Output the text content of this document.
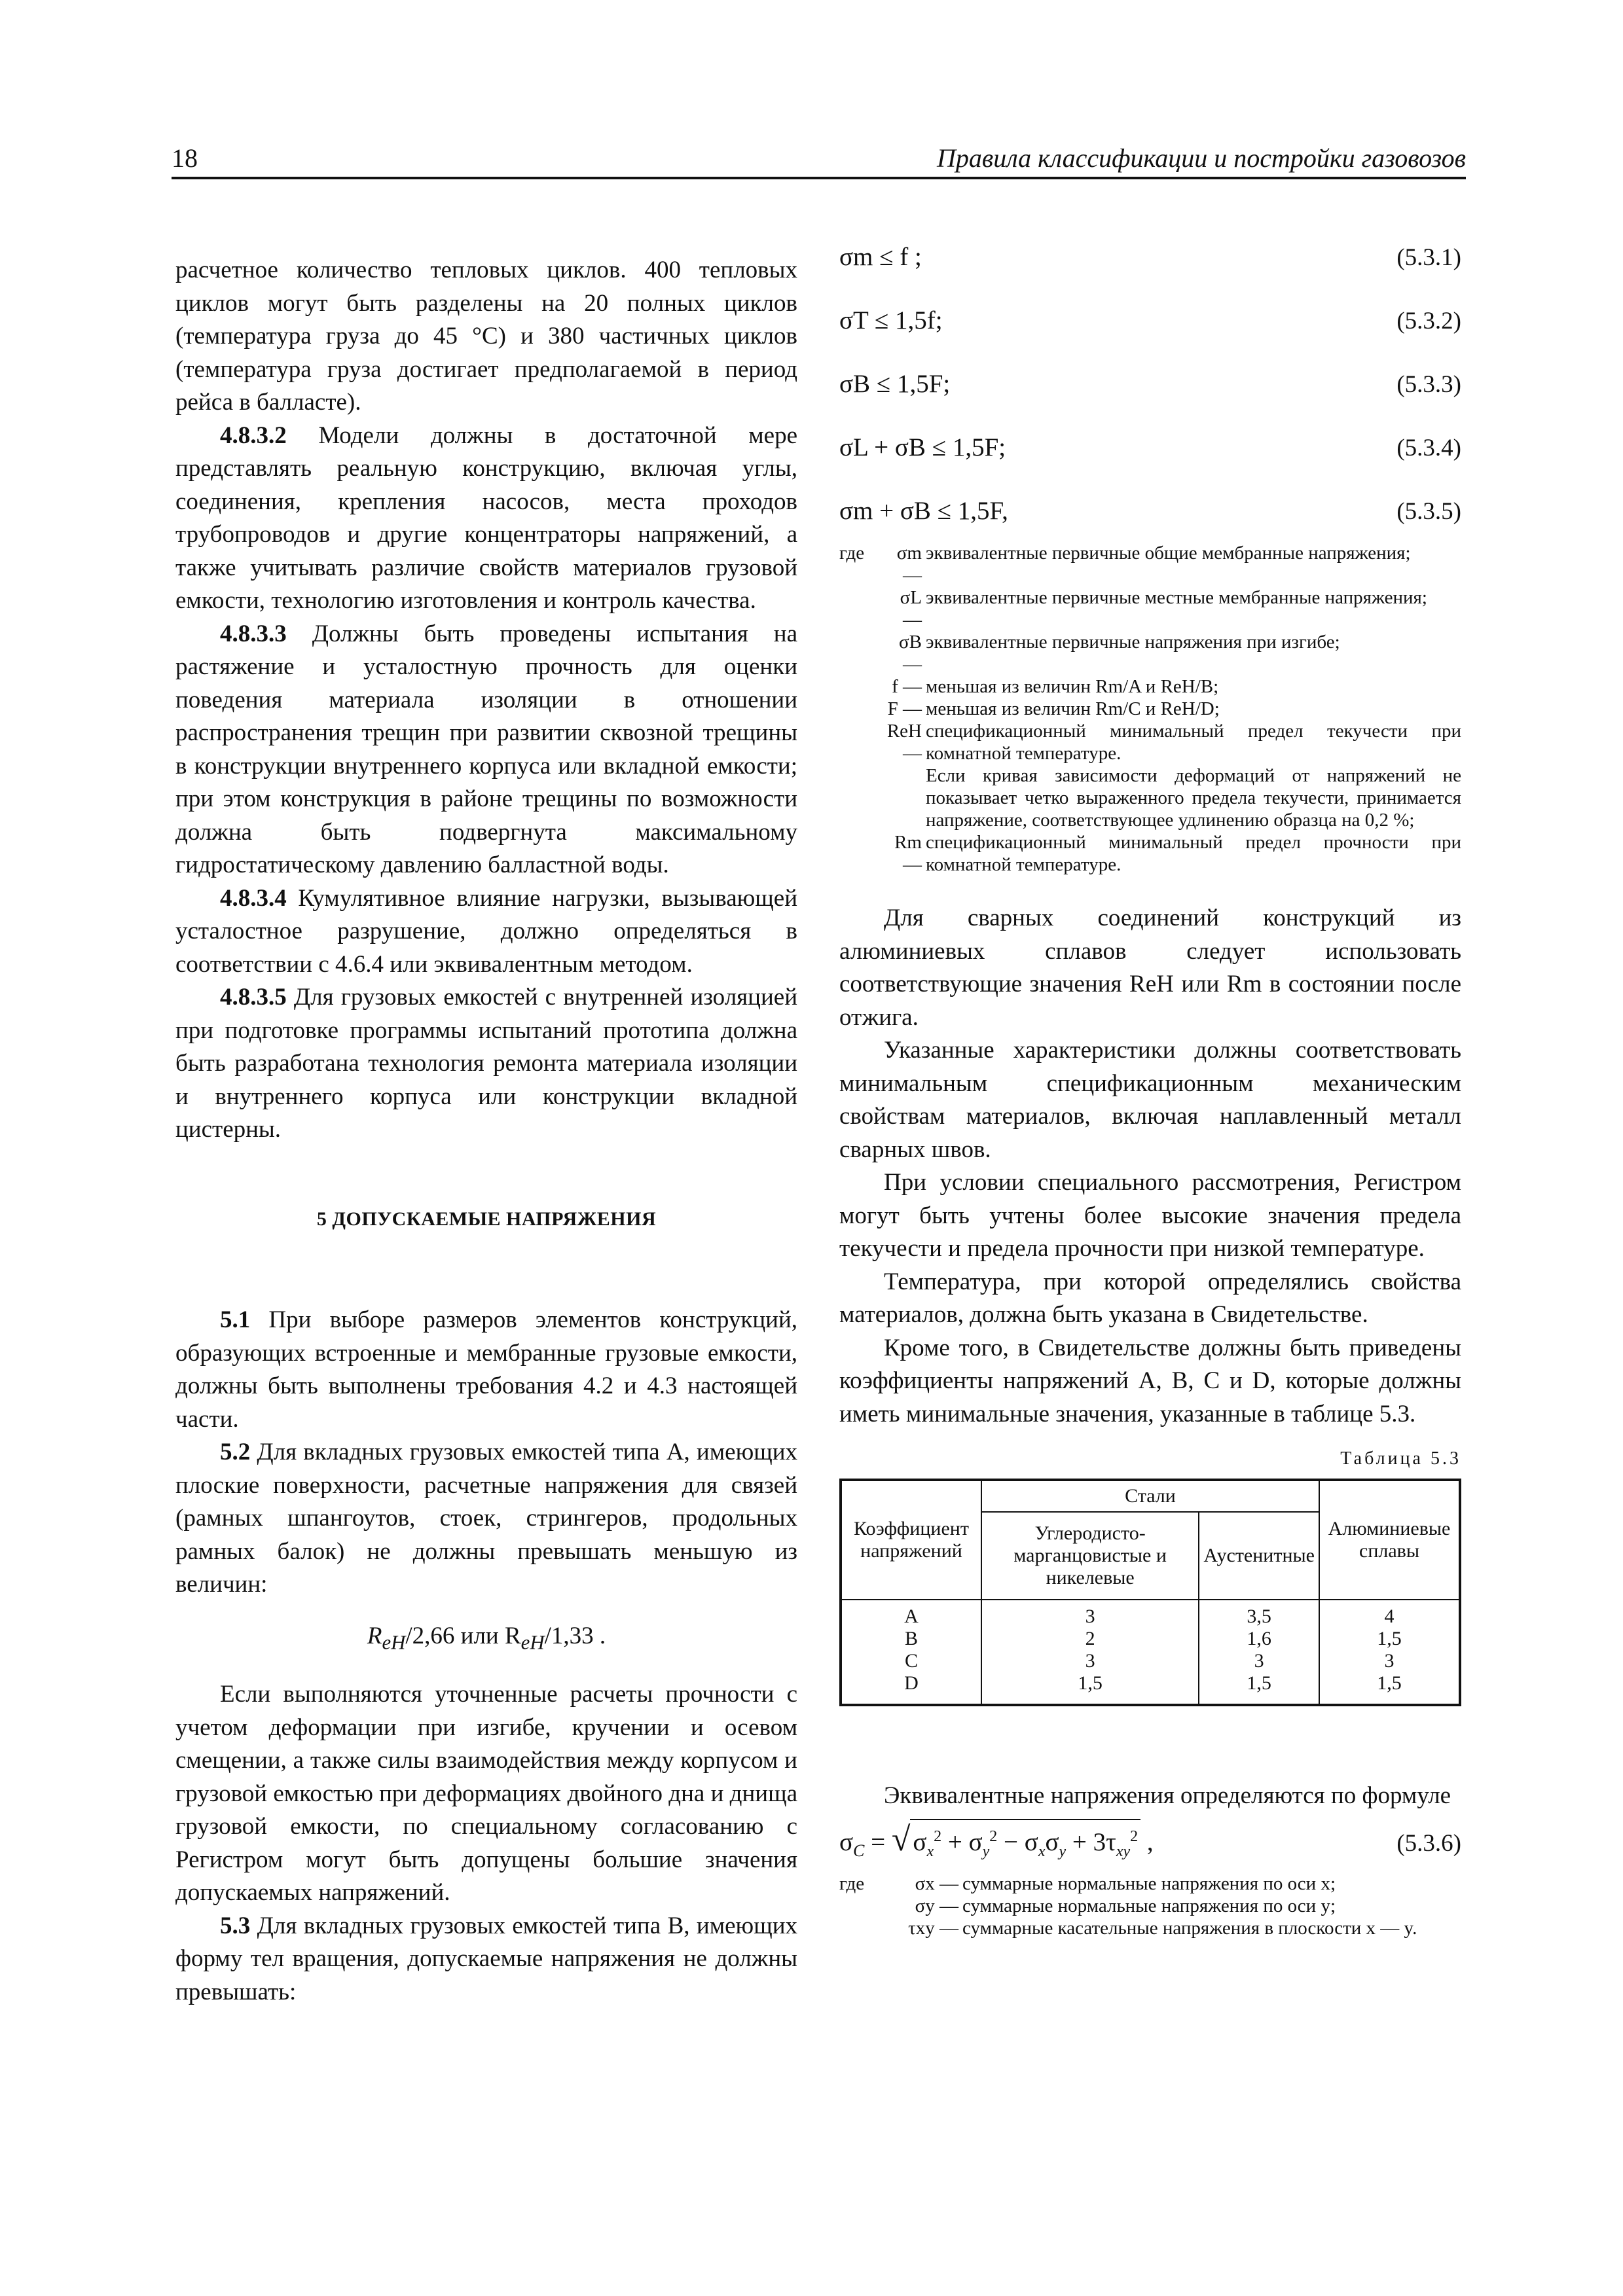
18	Правила классификации и постройки газовозов

расчетное количество тепловых циклов. 400 тепловых циклов могут быть разделены на 20 полных циклов (температура груза до 45 °С) и 380 частичных циклов (температура груза достигает предполагаемой в период рейса в балласте).

4.8.3.2 Модели должны в достаточной мере представлять реальную конструкцию, включая углы, соединения, крепления насосов, места проходов трубопроводов и другие концентраторы напряжений, а также учитывать различие свойств материалов грузовой емкости, технологию изготовления и контроль качества.

4.8.3.3 Должны быть проведены испытания на растяжение и усталостную прочность для оценки поведения материала изоляции в отношении распространения трещин при развитии сквозной трещины в конструкции внутреннего корпуса или вкладной емкости; при этом конструкция в районе трещины по возможности должна быть подвергнута максимальному гидростатическому давлению балластной воды.

4.8.3.4 Кумулятивное влияние нагрузки, вызывающей усталостное разрушение, должно определяться в соответствии с 4.6.4 или эквивалентным методом.

4.8.3.5 Для грузовых емкостей с внутренней изоляцией при подготовке программы испытаний прототипа должна быть разработана технология ремонта материала изоляции и внутреннего корпуса или конструкции вкладной цистерны.

5 ДОПУСКАЕМЫЕ НАПРЯЖЕНИЯ

5.1 При выборе размеров элементов конструкций, образующих встроенные и мембранные грузовые емкости, должны быть выполнены требования 4.2 и 4.3 настоящей части.

5.2 Для вкладных грузовых емкостей типа А, имеющих плоские поверхности, расчетные напряжения для связей (рамных шпангоутов, стоек, стрингеров, продольных рамных балок) не должны превышать меньшую из величин:

$R_{eH}/2,66$ или $R_{eH}/1,33$ .

Если выполняются уточненные расчеты прочности с учетом деформации при изгибе, кручении и осевом смещении, а также силы взаимодействия между корпусом и грузовой емкостью при деформациях двойного дна и днища грузовой емкости, по специальному согласованию с Регистром могут быть допущены большие значения допускаемых напряжений.

5.3 Для вкладных грузовых емкостей типа В, имеющих форму тел вращения, допускаемые напряжения не должны превышать:

σm ≤ f ;	(5.3.1)
σT ≤ 1,5f;	(5.3.2)
σB ≤ 1,5F;	(5.3.3)
σL + σB ≤ 1,5F;	(5.3.4)
σm + σB ≤ 1,5F,	(5.3.5)
где	σm —
эквивалентные первичные общие мембранные напряжения;
σL —
эквивалентные первичные местные мембранные напряжения;
σB —
эквивалентные первичные напряжения при изгибе;
f — меньшая из величин Rm/A и ReH/B;
F — меньшая из величин Rm/C и ReH/D;
ReH —
спецификационный минимальный предел текучести при комнатной температуре.
Если кривая зависимости деформаций от напряжений не показывает четко выраженного предела текучести, принимается напряжение, соответствующее удлинению образца на 0,2 %;
Rm —
спецификационный минимальный предел прочности при комнатной температуре.

Для сварных соединений конструкций из алюминиевых сплавов следует использовать соответствующие значения ReH или Rm в состоянии после отжига.

Указанные характеристики должны соответствовать минимальным спецификационным механическим свойствам материалов, включая наплавленный металл сварных швов.

При условии специального рассмотрения, Регистром могут быть учтены более высокие значения предела текучести и предела прочности при низкой температуре.

Температура, при которой определялись свойства материалов, должна быть указана в Свидетельстве.

Кроме того, в Свидетельстве должны быть приведены коэффициенты напряжений А, В, С и D, которые должны иметь минимальные значения, указанные в таблице 5.3.

Таблица 5.3
Коэффициент напряжений	Стали		Алюминиевые сплавы
	Углеродисто-марганцовистые и никелевые	Аустенитные	
А	3	3,5	4
В	2	1,6	1,5
С	3	3	3
D	1,5	1,5	1,5

Эквивалентные напряжения определяются по формуле

$\sigma_C$ = √ $\sigma_x^2 + \sigma_y^2 - \sigma_x\sigma_y + 3\tau_{xy}^2$ ,	(5.3.6)
где	σx — суммарные нормальные напряжения по оси x;
σy — суммарные нормальные напряжения по оси y;
τxy — суммарные касательные напряжения в плоскости x — y.
